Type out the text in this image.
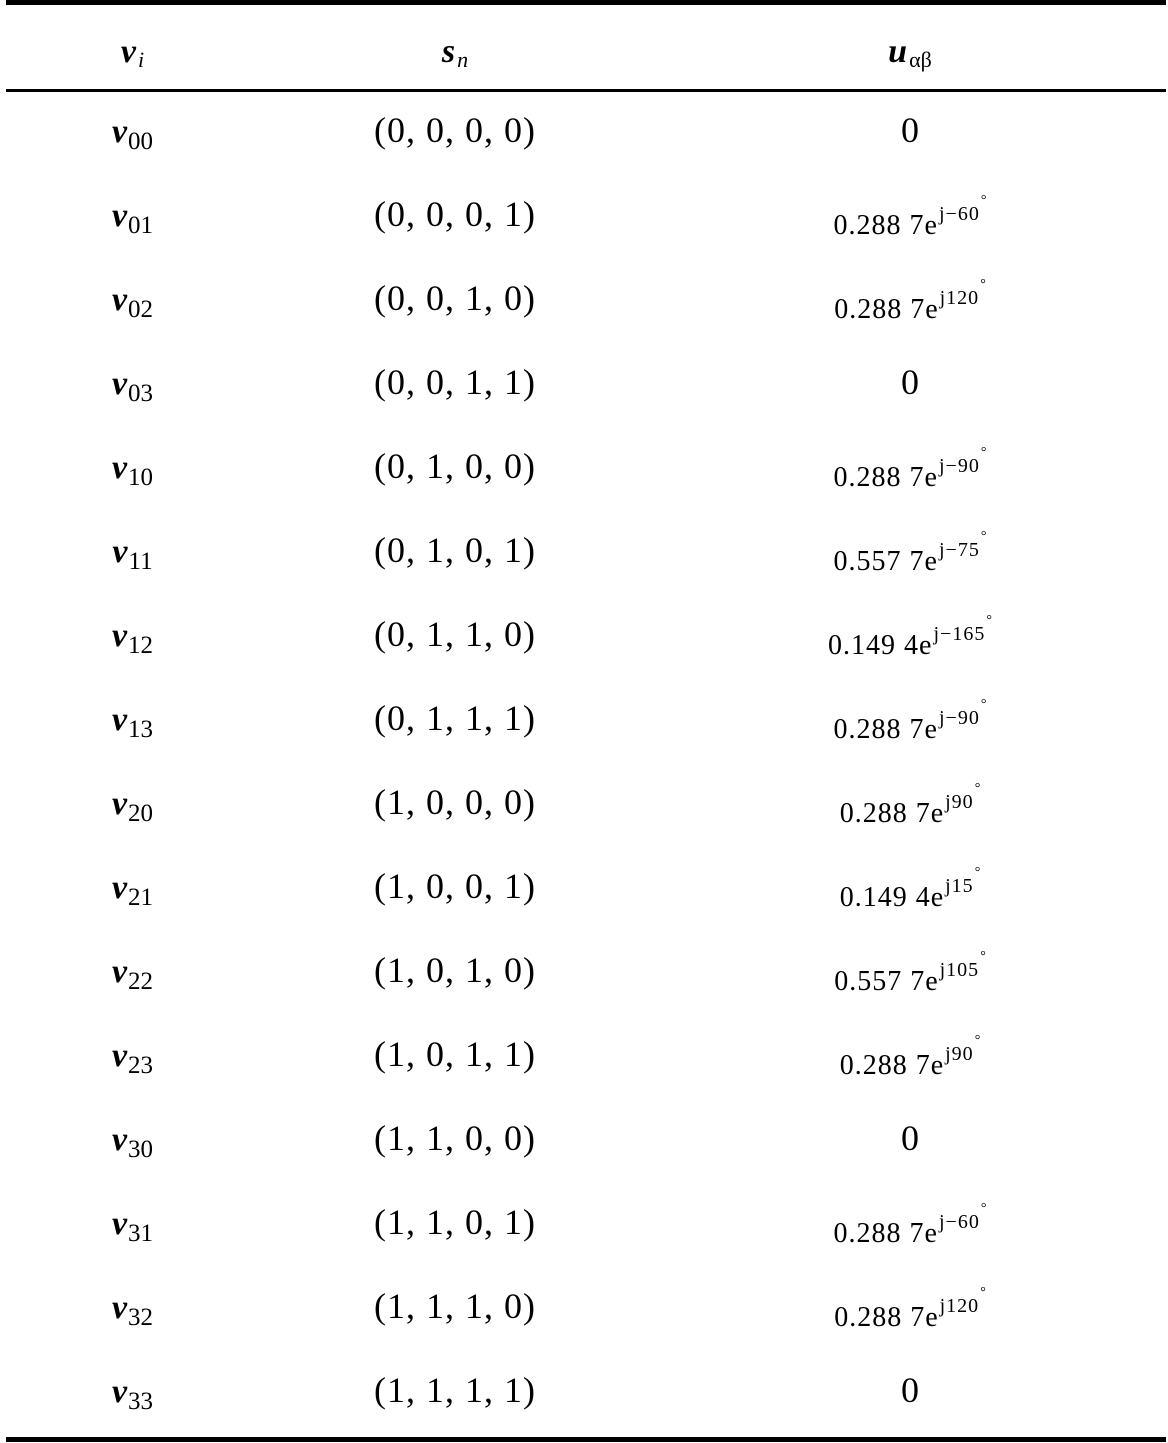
v i	s n	u αβ
v 00	(0, 0, 0, 0)	0
v 01	(0, 0, 0, 1)	0.288 7ej−60°
v 02	(0, 0, 1, 0)	0.288 7ej120°
v 03	(0, 0, 1, 1)	0
v 10	(0, 1, 0, 0)	0.288 7ej−90°
v 11	(0, 1, 0, 1)	0.557 7ej−75°
v 12	(0, 1, 1, 0)	0.149 4ej−165°
v 13	(0, 1, 1, 1)	0.288 7ej−90°
v 20	(1, 0, 0, 0)	0.288 7ej90°
v 21	(1, 0, 0, 1)	0.149 4ej15°
v 22	(1, 0, 1, 0)	0.557 7ej105°
v 23	(1, 0, 1, 1)	0.288 7ej90°
v 30	(1, 1, 0, 0)	0
v 31	(1, 1, 0, 1)	0.288 7ej−60°
v 32	(1, 1, 1, 0)	0.288 7ej120°
v 33	(1, 1, 1, 1)	0
